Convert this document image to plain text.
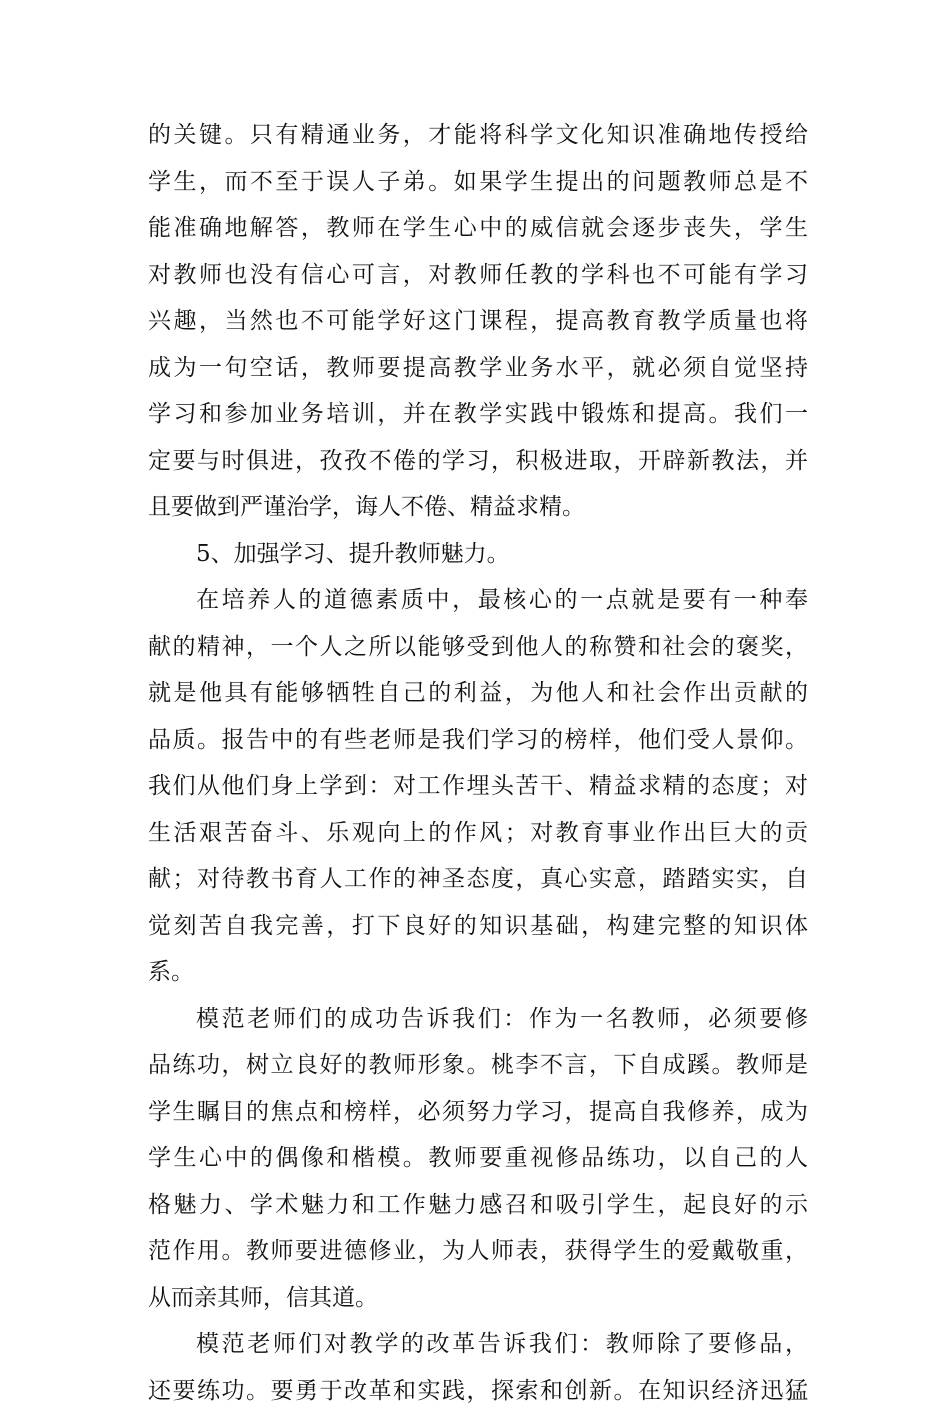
的关键。只有精通业务，才能将科学文化知识准确地传授给
学生，而不至于误人子弟。如果学生提出的问题教师总是不
能准确地解答，教师在学生心中的威信就会逐步丧失，学生
对教师也没有信心可言，对教师任教的学科也不可能有学习
兴趣，当然也不可能学好这门课程，提高教育教学质量也将
成为一句空话，教师要提高教学业务水平，就必须自觉坚持
学习和参加业务培训，并在教学实践中锻炼和提高。我们一
定要与时俱进，孜孜不倦的学习，积极进取，开辟新教法，并
且要做到严谨治学，诲人不倦、精益求精。
5、加强学习、提升教师魅力。
在培养人的道德素质中，最核心的一点就是要有一种奉
献的精神，一个人之所以能够受到他人的称赞和社会的褒奖，
就是他具有能够牺牲自己的利益，为他人和社会作出贡献的
品质。报告中的有些老师是我们学习的榜样，他们受人景仰。
我们从他们身上学到：对工作埋头苦干、精益求精的态度；对
生活艰苦奋斗、乐观向上的作风；对教育事业作出巨大的贡
献；对待教书育人工作的神圣态度，真心实意，踏踏实实，自
觉刻苦自我完善，打下良好的知识基础，构建完整的知识体
系。
模范老师们的成功告诉我们：作为一名教师，必须要修
品练功，树立良好的教师形象。桃李不言，下自成蹊。教师是
学生瞩目的焦点和榜样，必须努力学习，提高自我修养，成为
学生心中的偶像和楷模。教师要重视修品练功，以自己的人
格魅力、学术魅力和工作魅力感召和吸引学生，起良好的示
范作用。教师要进德修业，为人师表，获得学生的爱戴敬重，
从而亲其师，信其道。
模范老师们对教学的改革告诉我们：教师除了要修品，
还要练功。要勇于改革和实践，探索和创新。在知识经济迅猛
